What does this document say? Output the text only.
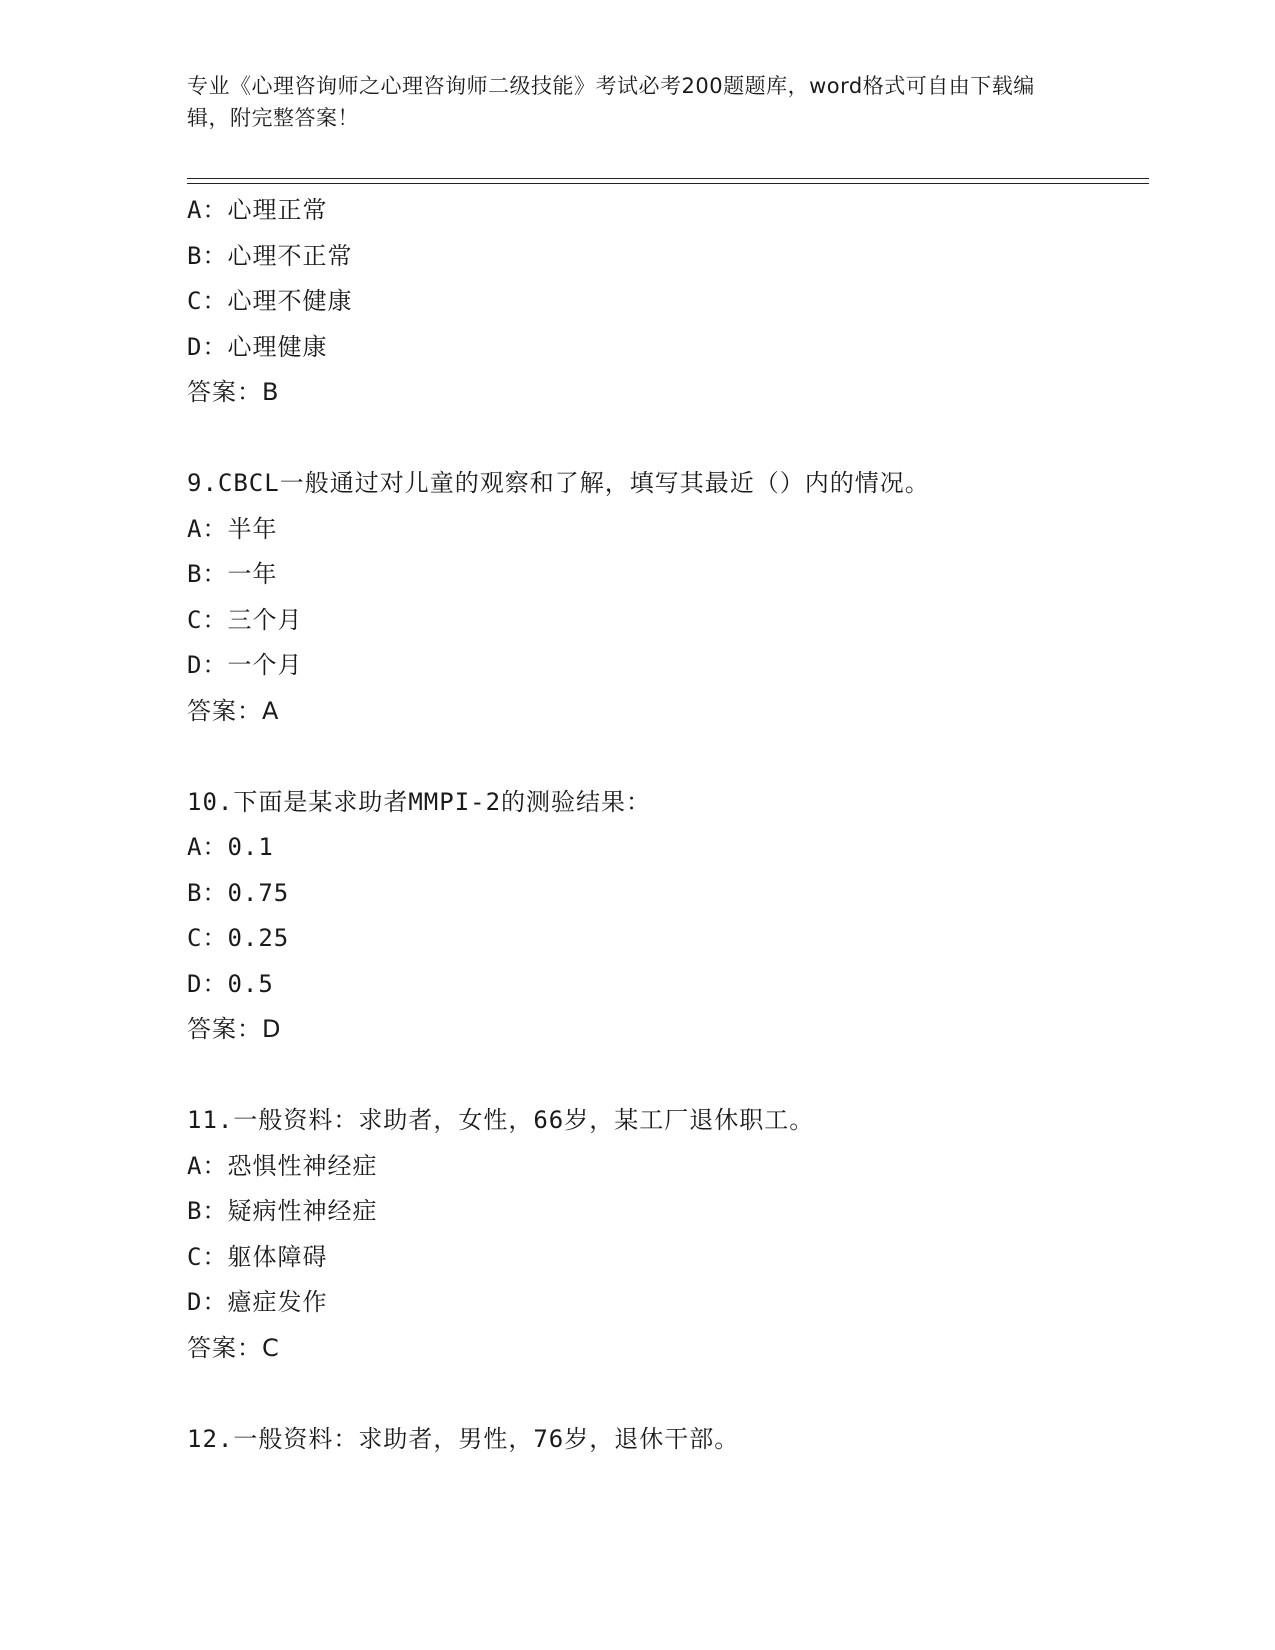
专业《心理咨询师之心理咨询师二级技能》考试必考200题题库，word格式可自由下载编辑，附完整答案！
A：心理正常
B：心理不正常
C：心理不健康
D：心理健康
答案：B
9.CBCL一般通过对儿童的观察和了解，填写其最近（）内的情况。
A：半年
B：一年
C：三个月
D：一个月
答案：A
10.下面是某求助者MMPI-2的测验结果：
A：0.1
B：0.75
C：0.25
D：0.5
答案：D
11.一般资料：求助者，女性，66岁，某工厂退休职工。
A：恐惧性神经症
B：疑病性神经症
C：躯体障碍
D：癔症发作
答案：C
12.一般资料：求助者，男性，76岁，退休干部。
